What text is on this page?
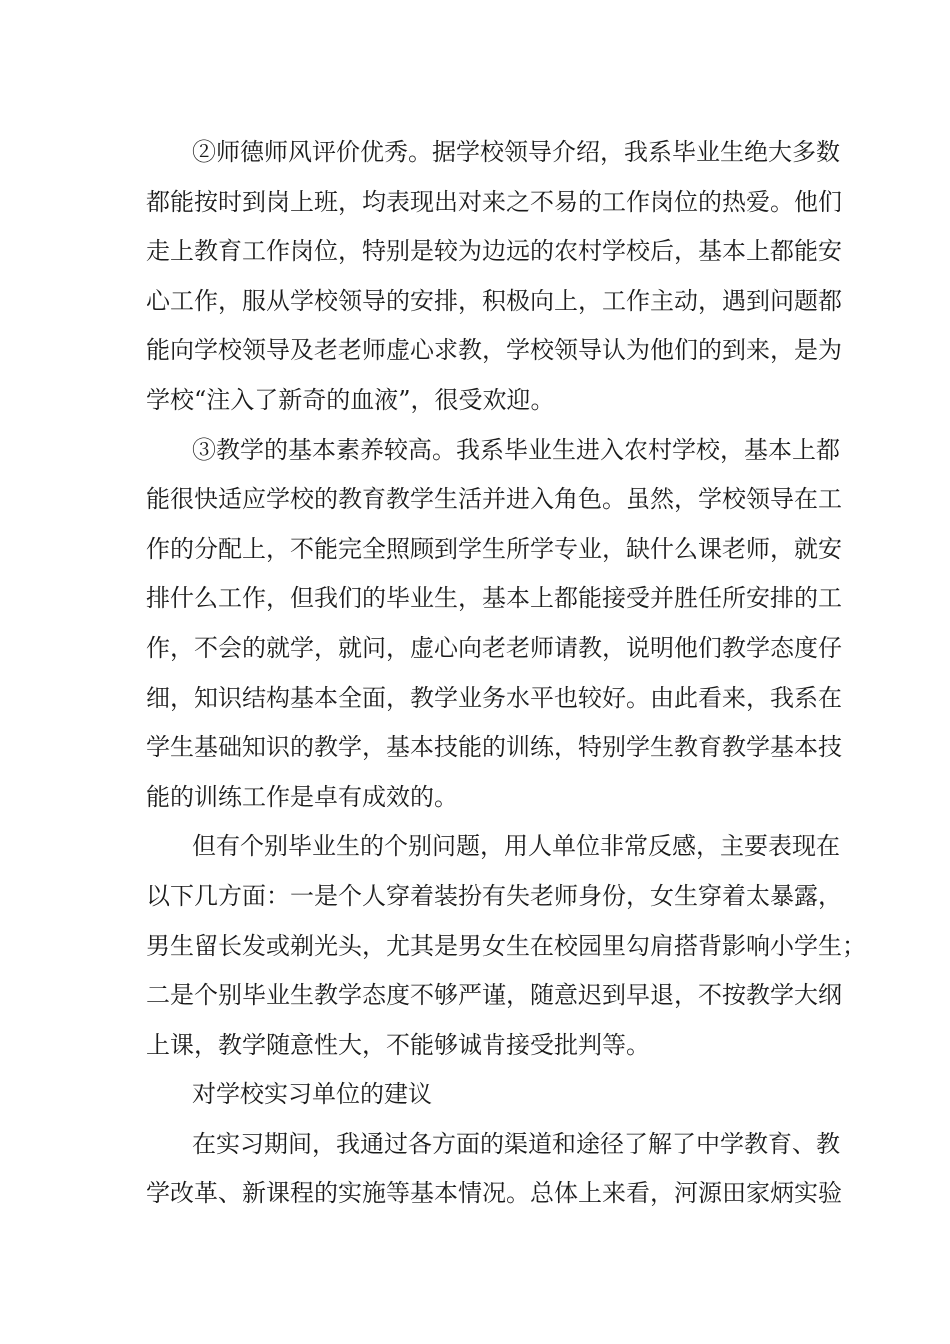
②师德师风评价优秀。据学校领导介绍，我系毕业生绝大多数
都能按时到岗上班，均表现出对来之不易的工作岗位的热爱。他们
走上教育工作岗位，特别是较为边远的农村学校后，基本上都能安
心工作，服从学校领导的安排，积极向上，工作主动，遇到问题都
能向学校领导及老老师虚心求教，学校领导认为他们的到来，是为
学校“注入了新奇的血液”，很受欢迎。
③教学的基本素养较高。我系毕业生进入农村学校，基本上都
能很快适应学校的教育教学生活并进入角色。虽然，学校领导在工
作的分配上，不能完全照顾到学生所学专业，缺什么课老师，就安
排什么工作，但我们的毕业生，基本上都能接受并胜任所安排的工
作，不会的就学，就问，虚心向老老师请教，说明他们教学态度仔
细，知识结构基本全面，教学业务水平也较好。由此看来，我系在
学生基础知识的教学，基本技能的训练，特别学生教育教学基本技
能的训练工作是卓有成效的。
但有个别毕业生的个别问题，用人单位非常反感，主要表现在
以下几方面：一是个人穿着装扮有失老师身份，女生穿着太暴露，
男生留长发或剃光头，尤其是男女生在校园里勾肩搭背影响小学生；
二是个别毕业生教学态度不够严谨，随意迟到早退，不按教学大纲
上课，教学随意性大，不能够诚肯接受批判等。
对学校实习单位的建议
在实习期间，我通过各方面的渠道和途径了解了中学教育、教
学改革、新课程的实施等基本情况。总体上来看，河源田家炳实验
